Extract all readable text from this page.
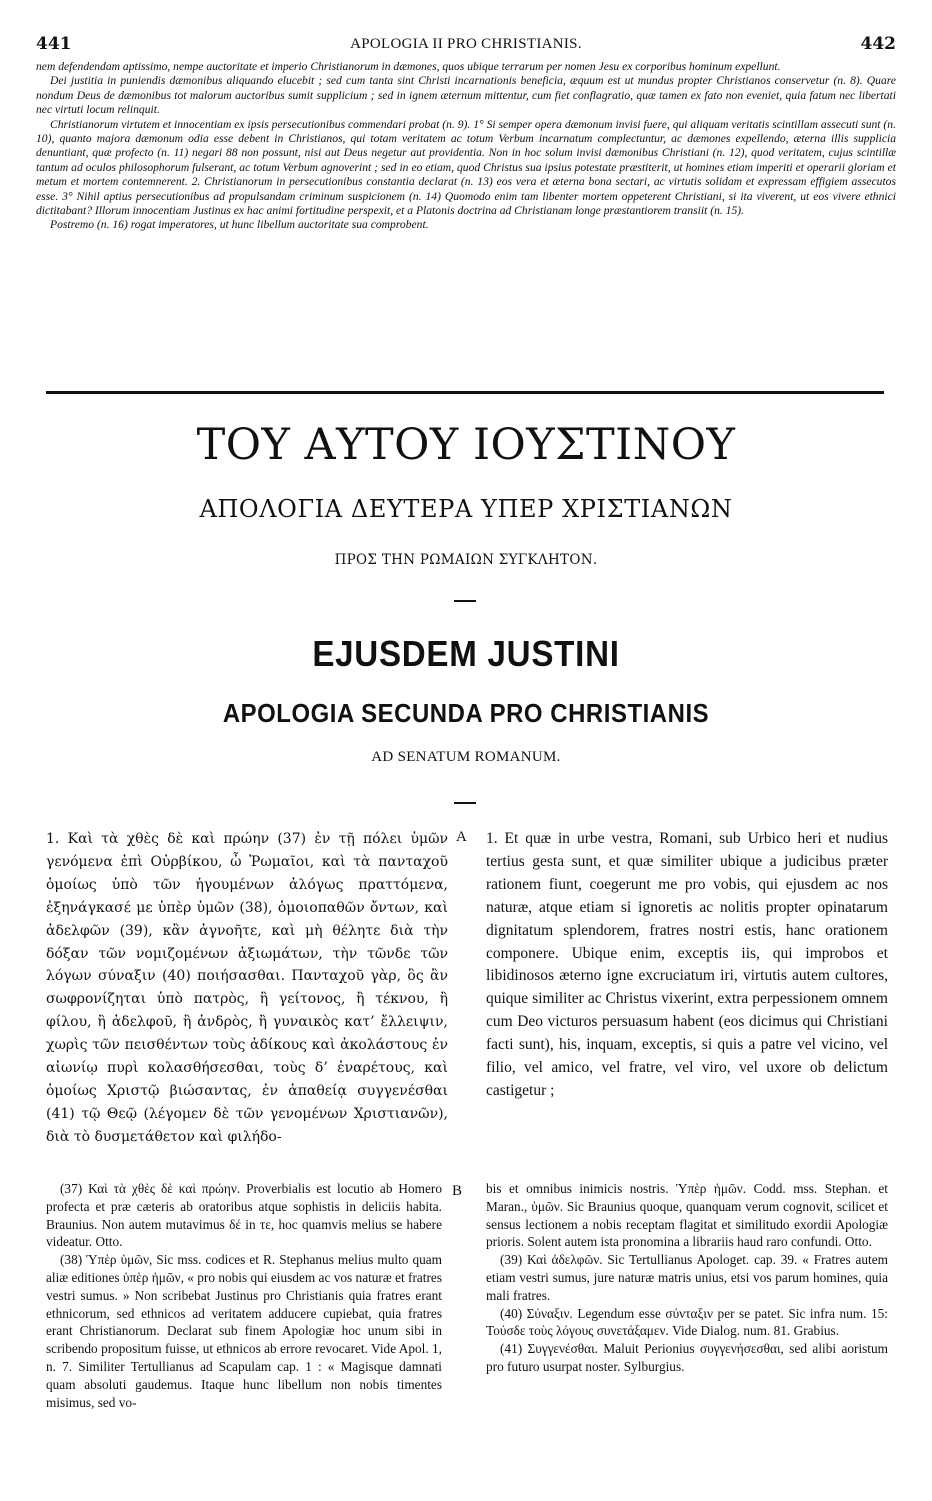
441	APOLOGIA II PRO CHRISTIANIS.	442

nem defendendam aptissimo, nempe auctoritate et imperio Christianorum in dæmones, quos ubique terrarum per nomen Jesu ex corporibus hominum expellunt.

Dei justitia in puniendis dæmonibus aliquando elucebit ; sed cum tanta sint Christi incarnationis beneficia, æquum est ut mundus propter Christianos conservetur (n. 8). Quare nondum Deus de dæmonibus tot malorum auctoribus sumit supplicium ; sed in ignem æternum mittentur, cum fiet conflagratio, quæ tamen ex fato non eveniet, quia fatum nec libertati nec virtuti locum relinquit.

Christianorum virtutem et innocentiam ex ipsis persecutionibus commendari probat (n. 9). 1° Si semper opera dæmonum invisi fuere, qui aliquam veritatis scintillam assecuti sunt (n. 10), quanto majora dæmonum odia esse debent in Christianos, qui totam veritatem ac totum Verbum incarnatum complectuntur, ac dæmones expellendo, æterna illis supplicia denuntiant, quæ profecto (n. 11) negari 88 non possunt, nisi aut Deus negetur aut providentia. Non in hoc solum invisi dæmonibus Christiani (n. 12), quod veritatem, cujus scintillæ tantum ad oculos philosophorum fulserant, ac totum Verbum agnoverint ; sed in eo etiam, quod Christus sua ipsius potestate præstiterit, ut homines etiam imperiti et operarii gloriam et metum et mortem contemnerent. 2. Christianorum in persecutionibus constantia declarat (n. 13) eos vera et æterna bona sectari, ac virtutis solidam et expressam effigiem assecutos esse. 3° Nihil aptius persecutionibus ad propulsandam criminum suspicionem (n. 14) Quomodo enim tam libenter mortem oppeterent Christiani, si ita viverent, ut eos vivere ethnici dictitabant? Illorum innocentiam Justinus ex hac animi fortitudine perspexit, et a Platonis doctrina ad Christianam longe præstantiorem transiit (n. 15).

Postremo (n. 16) rogat imperatores, ut hunc libellum auctoritate sua comprobent.

ΤΟΥ ΑΥΤΟΥ ΙΟΥΣΤΙΝΟΥ
ΑΠΟΛΟΓΙΑ ΔΕΥΤΕΡΑ ΥΠΕΡ ΧΡΙΣΤΙΑΝΩΝ
ΠΡΟΣ ΤΗΝ ΡΩΜΑΙΩΝ ΣΥΓΚΛΗΤΟΝ.
EJUSDEM JUSTINI
APOLOGIA SECUNDA PRO CHRISTIANIS
AD SENATUM ROMANUM.

1. Καὶ τὰ χθὲς δὲ καὶ πρώην (37) ἐν τῇ πόλει ὑμῶν γενόμενα ἐπὶ Οὐρβίκου, ὦ Ῥωμαῖοι, καὶ τὰ πανταχοῦ ὁμοίως ὑπὸ τῶν ἡγουμένων ἀλόγως πραττόμενα, ἐξηνάγκασέ με ὑπὲρ ὑμῶν (38), ὁμοιοπαθῶν ὄντων, καὶ ἀδελφῶν (39), κἂν ἀγνοῆτε, καὶ μὴ θέλητε διὰ τὴν δόξαν τῶν νομιζομένων ἀξιωμάτων, τὴν τῶνδε τῶν λόγων σύναξιν (40) ποιήσασθαι. Πανταχοῦ γὰρ, ὃς ἂν σωφρονίζηται ὑπὸ πατρὸς, ἢ γείτονος, ἢ τέκνου, ἢ φίλου, ἢ ἀδελφοῦ, ἢ ἀνδρὸς, ἢ γυναικὸς κατ’ ἔλλειψιν, χωρὶς τῶν πεισθέντων τοὺς ἀδίκους καὶ ἀκολάστους ἐν αἰωνίῳ πυρὶ κολασθήσεσθαι, τοὺς δ’ ἐναρέτους, καὶ ὁμοίως Χριστῷ βιώσαντας, ἐν ἀπαθείᾳ συγγενέσθαι (41) τῷ Θεῷ (λέγομεν δὲ τῶν γενομένων Χριστιανῶν), διὰ τὸ δυσμετάθετον καὶ φιλήδο-

A 1. Et quæ in urbe vestra, Romani, sub Urbico heri et nudius tertius gesta sunt, et quæ similiter ubique a judicibus præter rationem fiunt, coegerunt me pro vobis, qui ejusdem ac nos naturæ, atque etiam si ignoretis ac nolitis propter opinatarum dignitatum splendorem, fratres nostri estis, hanc orationem componere. Ubique enim, exceptis iis, qui improbos et libidinosos æterno igne excruciatum iri, virtutis autem cultores, quique similiter ac Christus vixerint, extra perpessionem omnem cum Deo victuros persuasum habent (eos dicimus qui Christiani facti sunt), his, inquam, exceptis, si quis a patre vel vicino, vel filio, vel amico, vel fratre, vel viro, vel uxore ob delictum castigetur ;

B

(37) Καὶ τὰ χθὲς δὲ καὶ πρώην. Proverbialis est locutio ab Homero profecta et præ cæteris ab oratoribus atque sophistis in deliciis habita. Braunius. Non autem mutavimus δέ in τε, hoc quamvis melius se habere videatur. Otto.

(38) Ὑπὲρ ὑμῶν, Sic mss. codices et R. Stephanus melius multo quam aliæ editiones ὑπὲρ ἡμῶν, « pro nobis qui eiusdem ac vos naturæ et fratres vestri sumus. » Non scribebat Justinus pro Christianis quia fratres erant ethnicorum, sed ethnicos ad veritatem adducere cupiebat, quia fratres erant Christianorum. Declarat sub finem Apologiæ hoc unum sibi in scribendo propositum fuisse, ut ethnicos ab errore revocaret. Vide Apol. 1, n. 7. Similiter Tertullianus ad Scapulam cap. 1 : « Magisque damnati quam absoluti gaudemus. Itaque hunc libellum non nobis timentes misimus, sed vo-

bis et omnibus inimicis nostris. Ὑπὲρ ἡμῶν. Codd. mss. Stephan. et Maran., ὑμῶν. Sic Braunius quoque, quanquam verum cognovit, scilicet et sensus lectionem a nobis receptam flagitat et similitudo exordii Apologiæ prioris. Solent autem ista pronomina a librariis haud raro confundi. Otto.

(39) Καὶ ἀδελφῶν. Sic Tertullianus Apologet. cap. 39. « Fratres autem etiam vestri sumus, jure naturæ matris unius, etsi vos parum homines, quia mali fratres.

(40) Σύναξιν. Legendum esse σύνταξιν per se patet. Sic infra num. 15: Τούσδε τοὺς λόγους συνετάξαμεν. Vide Dialog. num. 81. Grabius.

(41) Συγγενέσθαι. Maluit Perionius συγγενήσεσθαι, sed alibi aoristum pro futuro usurpat noster. Sylburgius.
